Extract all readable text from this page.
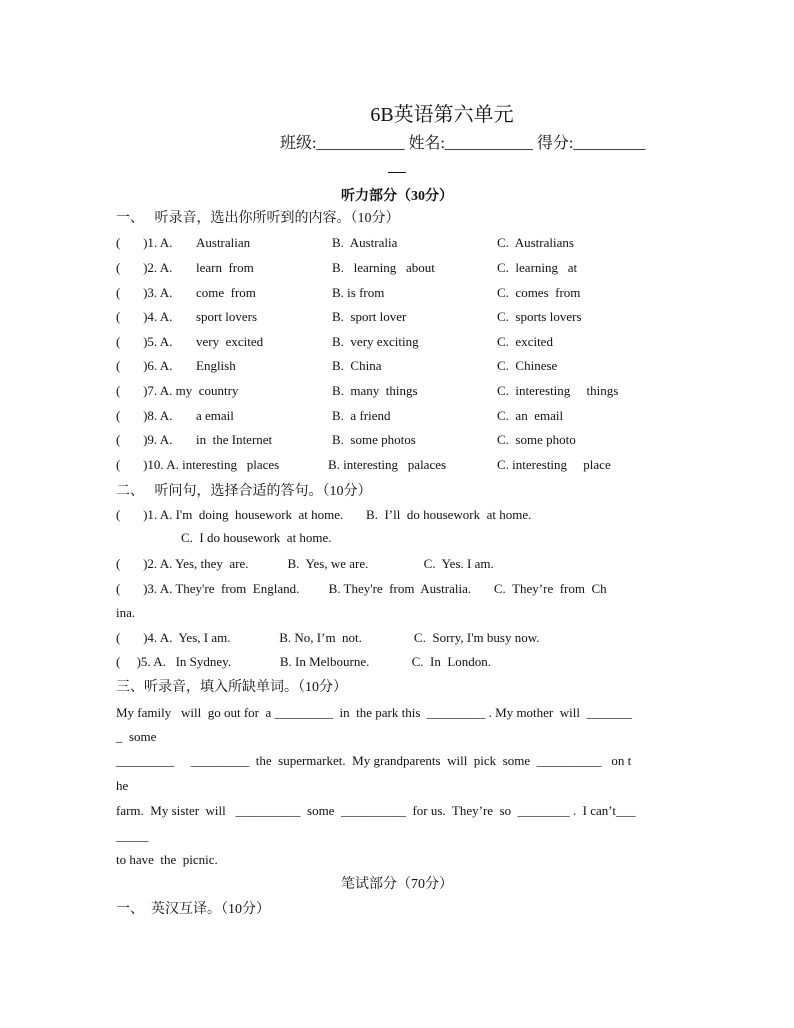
6B英语第六单元
班级:___________ 姓名:___________ 得分:_________
听力部分（30分）
一、   听录音，选出你所听到的内容。（10分）
(       )1. A. Australian	B.  Australia	C.  Australians
(       )2. A. learn  from	B.   learning   about	C.  learning   at
(       )3. A. come  from	B. is from	C.  comes  from
(       )4. A. sport lovers	B.  sport lover	C.  sports lovers
(       )5. A. very  excited	B.  very exciting	C.  excited
(       )6. A. English	B.  China	C.  Chinese
(       )7. A. my  country	B.  many  things	C.  interesting     things
(       )8. A. a email	B.  a friend	C.  an  email
(       )9. A. in  the Internet	B.  some photos	C.  some photo
(       )10. A. interesting   places	B. interesting   palaces	C. interesting     place
二、   听问句，选择合适的答句。（10分）
(       )1. A. I'm  doing  housework  at home.       B.  I’ll  do housework  at home.
C.  I do housework  at home.
(       )2. A. Yes, they  are.            B.  Yes, we are.                 C.  Yes. I am.
(       )3. A. They're  from  England.         B. They're  from  Australia.       C.  They’re  from  Ch
ina.
(       )4. A.  Yes, I am.               B. No, I’m  not.                C.  Sorry, I'm busy now.
(     )5. A.   In Sydney.               B. In Melbourne.             C.  In  London.
三、听录音，填入所缺单词。（10分）
My family   will  go out for  a _________  in  the park this  _________ . My mother  will  _______
_  some
_________     _________  the  supermarket.  My grandparents  will  pick  some  __________   on t
he
farm.  My sister  will   __________  some  __________  for us.  They’re  so  ________ .  I can’t___
_____
to have  the  picnic.
笔试部分（70分）
一、  英汉互译。（10分）
